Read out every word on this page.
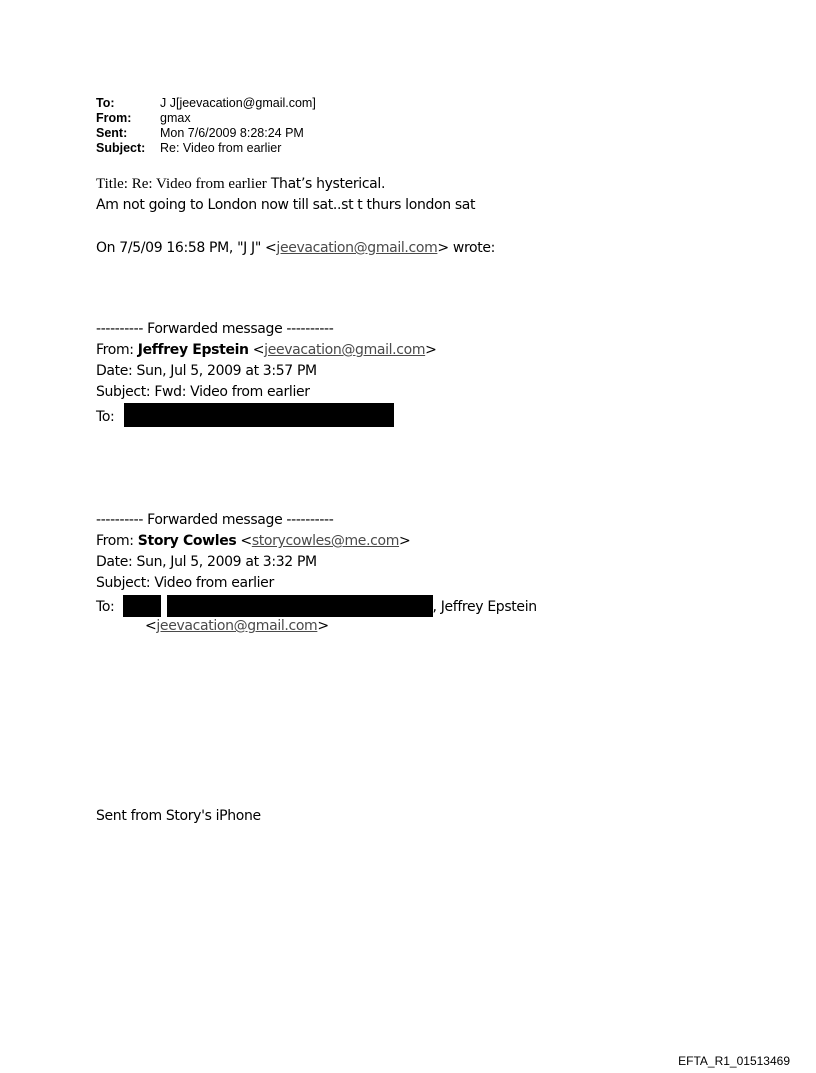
To:	J J[jeevacation@gmail.com]
From:	gmax
Sent:	Mon 7/6/2009 8:28:24 PM
Subject:	Re: Video from earlier
Title: Re: Video from earlier That’s hysterical.
Am not going to London now till sat..st t thurs london sat
On 7/5/09 16:58 PM, "J J" <jeevacation@gmail.com> wrote:
---------- Forwarded message ----------
From: Jeffrey Epstein <jeevacation@gmail.com>
Date: Sun, Jul 5, 2009 at 3:57 PM
Subject: Fwd: Video from earlier
To:
---------- Forwarded message ----------
From: Story Cowles <storycowles@me.com>
Date: Sun, Jul 5, 2009 at 3:32 PM
Subject: Video from earlier
To:	, Jeffrey Epstein
<jeevacation@gmail.com>
Sent from Story's iPhone
EFTA_R1_01513469
